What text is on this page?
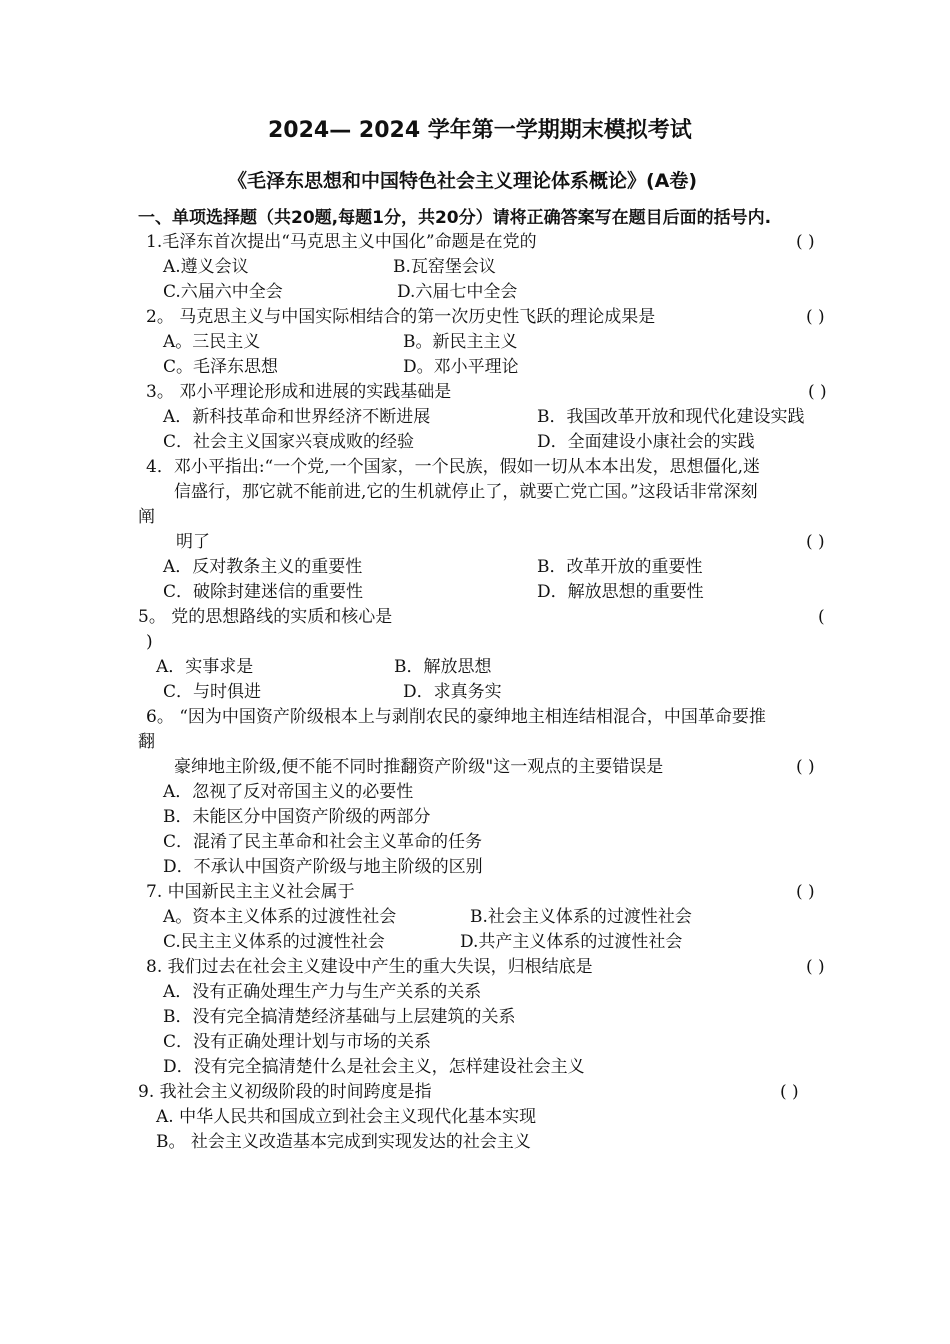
2024— 2024 学年第一学期期末模拟考试
《毛泽东思想和中国特色社会主义理论体系概论》(A卷)
一、单项选择题（共20题,每题1分，共20分）请将正确答案写在题目后面的括号内.
1.毛泽东首次提出“马克思主义中国化”命题是在党的	( )
A.遵义会议	B.瓦窑堡会议
C.六届六中全会	D.六届七中全会
2。 马克思主义与中国实际相结合的第一次历史性飞跃的理论成果是	( )
A。三民主义	B。新民主主义
C。毛泽东思想	D。邓小平理论
3。 邓小平理论形成和进展的实践基础是	( )
A．新科技革命和世界经济不断进展	B．我国改革开放和现代化建设实践
C．社会主义国家兴衰成败的经验	D．全面建设小康社会的实践
4．邓小平指出:“一个党,一个国家，一个民族，假如一切从本本出发，思想僵化,迷
信盛行，那它就不能前进,它的生机就停止了，就要亡党亡国。”这段话非常深刻
阐
明了	( )
A．反对教条主义的重要性	B．改革开放的重要性
C．破除封建迷信的重要性	D．解放思想的重要性
5。 党的思想路线的实质和核心是	(
)
A．实事求是	B．解放思想
C．与时俱进	D．求真务实
6。 “因为中国资产阶级根本上与剥削农民的豪绅地主相连结相混合，中国革命要推
翻
豪绅地主阶级,便不能不同时推翻资产阶级"这一观点的主要错误是	( )
A．忽视了反对帝国主义的必要性
B．未能区分中国资产阶级的两部分
C．混淆了民主革命和社会主义革命的任务
D．不承认中国资产阶级与地主阶级的区别
7. 中国新民主主义社会属于	( )
A。资本主义体系的过渡性社会	B.社会主义体系的过渡性社会
C.民主主义体系的过渡性社会	D.共产主义体系的过渡性社会
8. 我们过去在社会主义建设中产生的重大失误，归根结底是	( )
A．没有正确处理生产力与生产关系的关系
B．没有完全搞清楚经济基础与上层建筑的关系
C．没有正确处理计划与市场的关系
D．没有完全搞清楚什么是社会主义，怎样建设社会主义
9. 我社会主义初级阶段的时间跨度是指	( )
A. 中华人民共和国成立到社会主义现代化基本实现
B。 社会主义改造基本完成到实现发达的社会主义
